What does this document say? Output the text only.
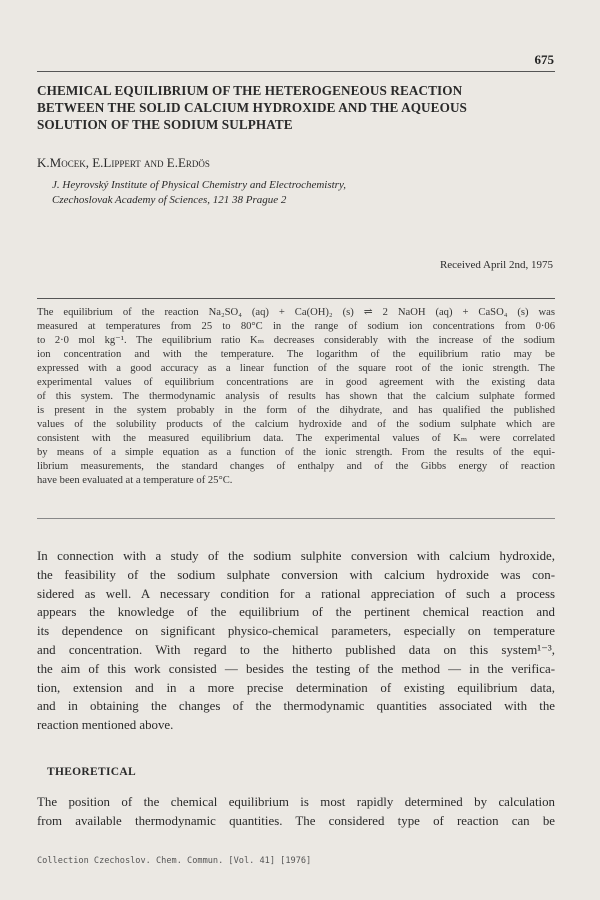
675
CHEMICAL EQUILIBRIUM OF THE HETEROGENEOUS REACTION
BETWEEN THE SOLID CALCIUM HYDROXIDE AND THE AQUEOUS
SOLUTION OF THE SODIUM SULPHATE
K.Mocek, E.Lippert and E.Erdös
J. Heyrovský Institute of Physical Chemistry and Electrochemistry,
Czechoslovak Academy of Sciences, 121 38 Prague 2
Received April 2nd, 1975
The equilibrium of the reaction Na₂SO₄ (aq) + Ca(OH)₂ (s) ⇌ 2 NaOH (aq) + CaSO₄ (s) was
measured at temperatures from 25 to 80°C in the range of sodium ion concentrations from 0·06
to 2·0 mol kg⁻¹. The equilibrium ratio Kₘ decreases considerably with the increase of the sodium
ion concentration and with the temperature. The logarithm of the equilibrium ratio may be
expressed with a good accuracy as a linear function of the square root of the ionic strength. The
experimental values of equilibrium concentrations are in good agreement with the existing data
of this system. The thermodynamic analysis of results has shown that the calcium sulphate formed
is present in the system probably in the form of the dihydrate, and has qualified the published
values of the solubility products of the calcium hydroxide and of the sodium sulphate which are
consistent with the measured equilibrium data. The experimental values of Kₘ were correlated
by means of a simple equation as a function of the ionic strength. From the results of the equi-
librium measurements, the standard changes of enthalpy and of the Gibbs energy of reaction
have been evaluated at a temperature of 25°C.
In connection with a study of the sodium sulphite conversion with calcium hydroxide,
the feasibility of the sodium sulphate conversion with calcium hydroxide was con-
sidered as well. A necessary condition for a rational appreciation of such a process
appears the knowledge of the equilibrium of the pertinent chemical reaction and
its dependence on significant physico-chemical parameters, especially on temperature
and concentration. With regard to the hitherto published data on this system¹⁻³,
the aim of this work consisted — besides the testing of the method — in the verifica-
tion, extension and in a more precise determination of existing equilibrium data,
and in obtaining the changes of the thermodynamic quantities associated with the
reaction mentioned above.
THEORETICAL
The position of the chemical equilibrium is most rapidly determined by calculation
from available thermodynamic quantities. The considered type of reaction can be
Collection Czechoslov. Chem. Commun. [Vol. 41] [1976]
